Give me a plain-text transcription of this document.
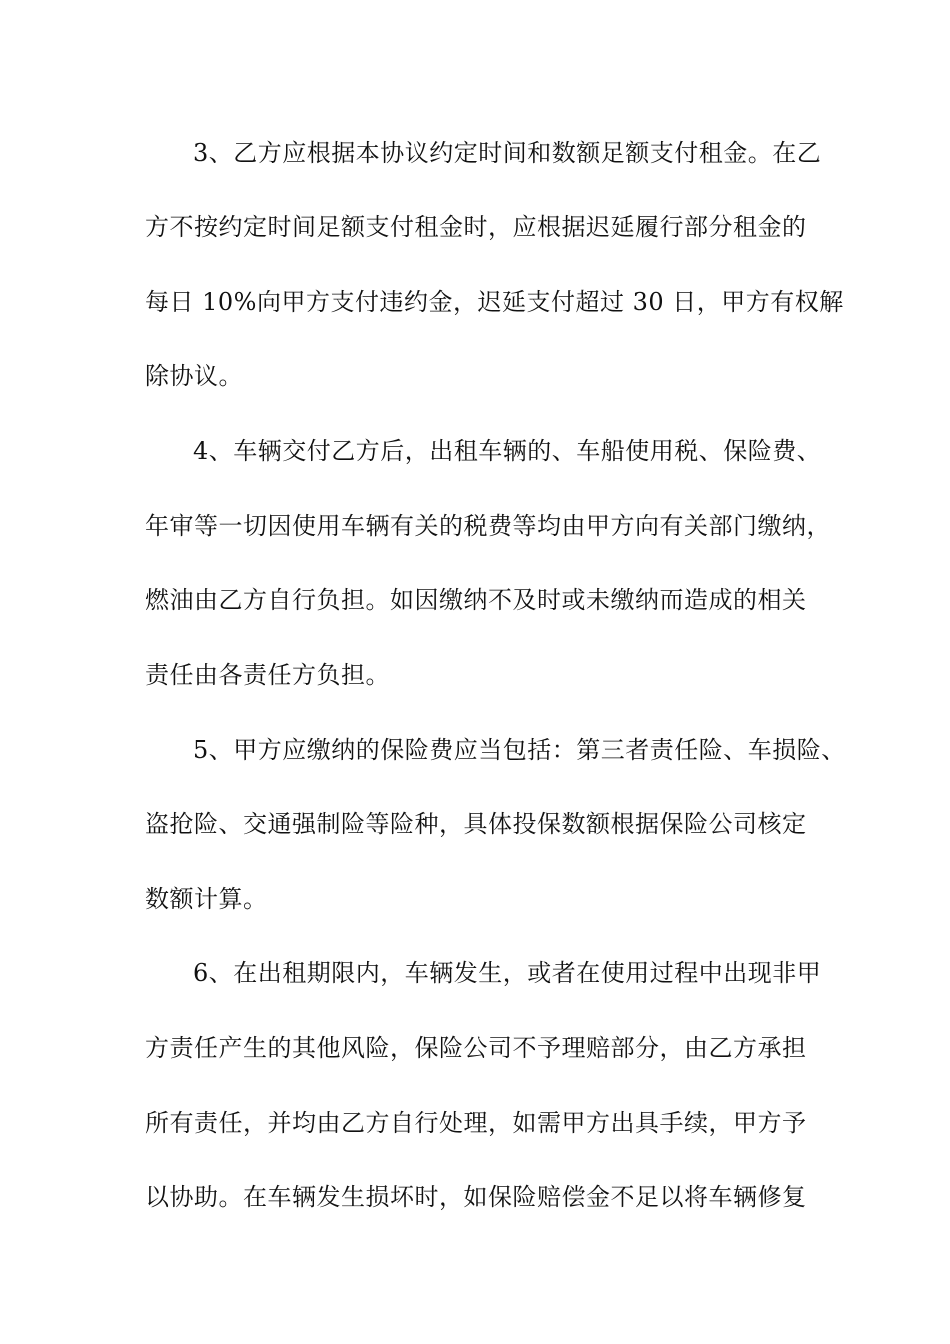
3、乙方应根据本协议约定时间和数额足额支付租金。在乙
方不按约定时间足额支付租金时，应根据迟延履行部分租金的
每日 10%向甲方支付违约金，迟延支付超过 30 日，甲方有权解
除协议。
4、车辆交付乙方后，出租车辆的、车船使用税、保险费、
年审等一切因使用车辆有关的税费等均由甲方向有关部门缴纳，
燃油由乙方自行负担。如因缴纳不及时或未缴纳而造成的相关
责任由各责任方负担。
5、甲方应缴纳的保险费应当包括：第三者责任险、车损险、
盗抢险、交通强制险等险种，具体投保数额根据保险公司核定
数额计算。
6、在出租期限内，车辆发生，或者在使用过程中出现非甲
方责任产生的其他风险，保险公司不予理赔部分，由乙方承担
所有责任，并均由乙方自行处理，如需甲方出具手续，甲方予
以协助。在车辆发生损坏时，如保险赔偿金不足以将车辆修复
